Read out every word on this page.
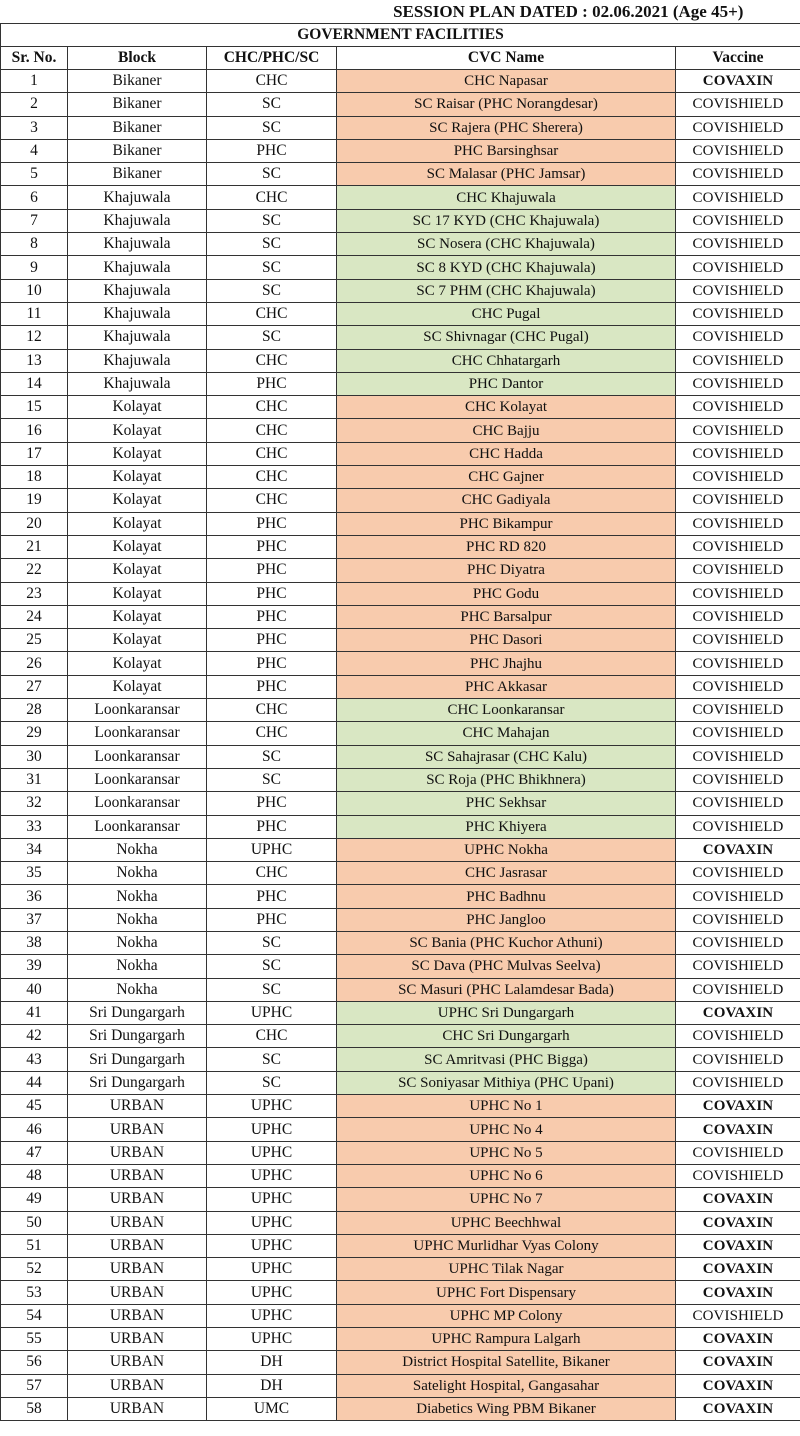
			SESSION PLAN DATED : 02.06.2021 (Age 45+)	
GOVERNMENT FACILITIES				
Sr. No.	Block	CHC/PHC/SC	CVC Name	Vaccine
1	Bikaner	CHC	CHC Napasar	COVAXIN
2	Bikaner	SC	SC Raisar (PHC Norangdesar)	COVISHIELD
3	Bikaner	SC	SC Rajera (PHC Sherera)	COVISHIELD
4	Bikaner	PHC	PHC Barsinghsar	COVISHIELD
5	Bikaner	SC	SC Malasar (PHC Jamsar)	COVISHIELD
6	Khajuwala	CHC	CHC Khajuwala	COVISHIELD
7	Khajuwala	SC	SC 17 KYD (CHC Khajuwala)	COVISHIELD
8	Khajuwala	SC	SC Nosera (CHC Khajuwala)	COVISHIELD
9	Khajuwala	SC	SC 8 KYD (CHC Khajuwala)	COVISHIELD
10	Khajuwala	SC	SC 7 PHM (CHC Khajuwala)	COVISHIELD
11	Khajuwala	CHC	CHC Pugal	COVISHIELD
12	Khajuwala	SC	SC Shivnagar (CHC Pugal)	COVISHIELD
13	Khajuwala	CHC	CHC Chhatargarh	COVISHIELD
14	Khajuwala	PHC	PHC Dantor	COVISHIELD
15	Kolayat	CHC	CHC Kolayat	COVISHIELD
16	Kolayat	CHC	CHC Bajju	COVISHIELD
17	Kolayat	CHC	CHC Hadda	COVISHIELD
18	Kolayat	CHC	CHC Gajner	COVISHIELD
19	Kolayat	CHC	CHC Gadiyala	COVISHIELD
20	Kolayat	PHC	PHC Bikampur	COVISHIELD
21	Kolayat	PHC	PHC RD 820	COVISHIELD
22	Kolayat	PHC	PHC Diyatra	COVISHIELD
23	Kolayat	PHC	PHC Godu	COVISHIELD
24	Kolayat	PHC	PHC Barsalpur	COVISHIELD
25	Kolayat	PHC	PHC Dasori	COVISHIELD
26	Kolayat	PHC	PHC Jhajhu	COVISHIELD
27	Kolayat	PHC	PHC Akkasar	COVISHIELD
28	Loonkaransar	CHC	CHC Loonkaransar	COVISHIELD
29	Loonkaransar	CHC	CHC Mahajan	COVISHIELD
30	Loonkaransar	SC	SC Sahajrasar (CHC Kalu)	COVISHIELD
31	Loonkaransar	SC	SC Roja (PHC Bhikhnera)	COVISHIELD
32	Loonkaransar	PHC	PHC Sekhsar	COVISHIELD
33	Loonkaransar	PHC	PHC Khiyera	COVISHIELD
34	Nokha	UPHC	UPHC Nokha	COVAXIN
35	Nokha	CHC	CHC Jasrasar	COVISHIELD
36	Nokha	PHC	PHC Badhnu	COVISHIELD
37	Nokha	PHC	PHC Jangloo	COVISHIELD
38	Nokha	SC	SC Bania (PHC Kuchor Athuni)	COVISHIELD
39	Nokha	SC	SC Dava (PHC Mulvas Seelva)	COVISHIELD
40	Nokha	SC	SC Masuri (PHC Lalamdesar Bada)	COVISHIELD
41	Sri Dungargarh	UPHC	UPHC Sri Dungargarh	COVAXIN
42	Sri Dungargarh	CHC	CHC Sri Dungargarh	COVISHIELD
43	Sri Dungargarh	SC	SC Amritvasi (PHC Bigga)	COVISHIELD
44	Sri Dungargarh	SC	SC Soniyasar Mithiya (PHC Upani)	COVISHIELD
45	URBAN	UPHC	UPHC No 1	COVAXIN
46	URBAN	UPHC	UPHC No 4	COVAXIN
47	URBAN	UPHC	UPHC No 5	COVISHIELD
48	URBAN	UPHC	UPHC No 6	COVISHIELD
49	URBAN	UPHC	UPHC No 7	COVAXIN
50	URBAN	UPHC	UPHC Beechhwal	COVAXIN
51	URBAN	UPHC	UPHC Murlidhar Vyas Colony	COVAXIN
52	URBAN	UPHC	UPHC Tilak Nagar	COVAXIN
53	URBAN	UPHC	UPHC Fort Dispensary	COVAXIN
54	URBAN	UPHC	UPHC MP Colony	COVISHIELD
55	URBAN	UPHC	UPHC Rampura Lalgarh	COVAXIN
56	URBAN	DH	District Hospital Satellite, Bikaner	COVAXIN
57	URBAN	DH	Satelight Hospital, Gangasahar	COVAXIN
58	URBAN	UMC	Diabetics Wing PBM Bikaner	COVAXIN
